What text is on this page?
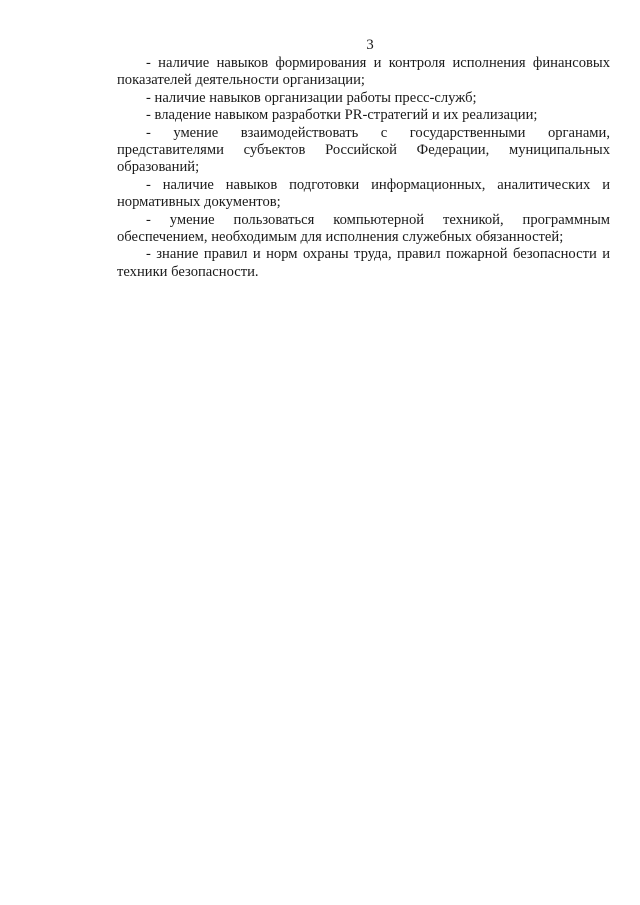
3

- наличие навыков формирования и контроля исполнения финансовых показателей деятельности организации;

- наличие навыков организации работы пресс-служб;

- владение навыком разработки PR-стратегий и их реализации;

- умение взаимодействовать с государственными органами, представителями субъектов Российской Федерации, муниципальных образований;

- наличие навыков подготовки информационных, аналитических и нормативных документов;

- умение пользоваться компьютерной техникой, программным обеспечением, необходимым для исполнения служебных обязанностей;

- знание правил и норм охраны труда, правил пожарной безопасности и техники безопасности.
